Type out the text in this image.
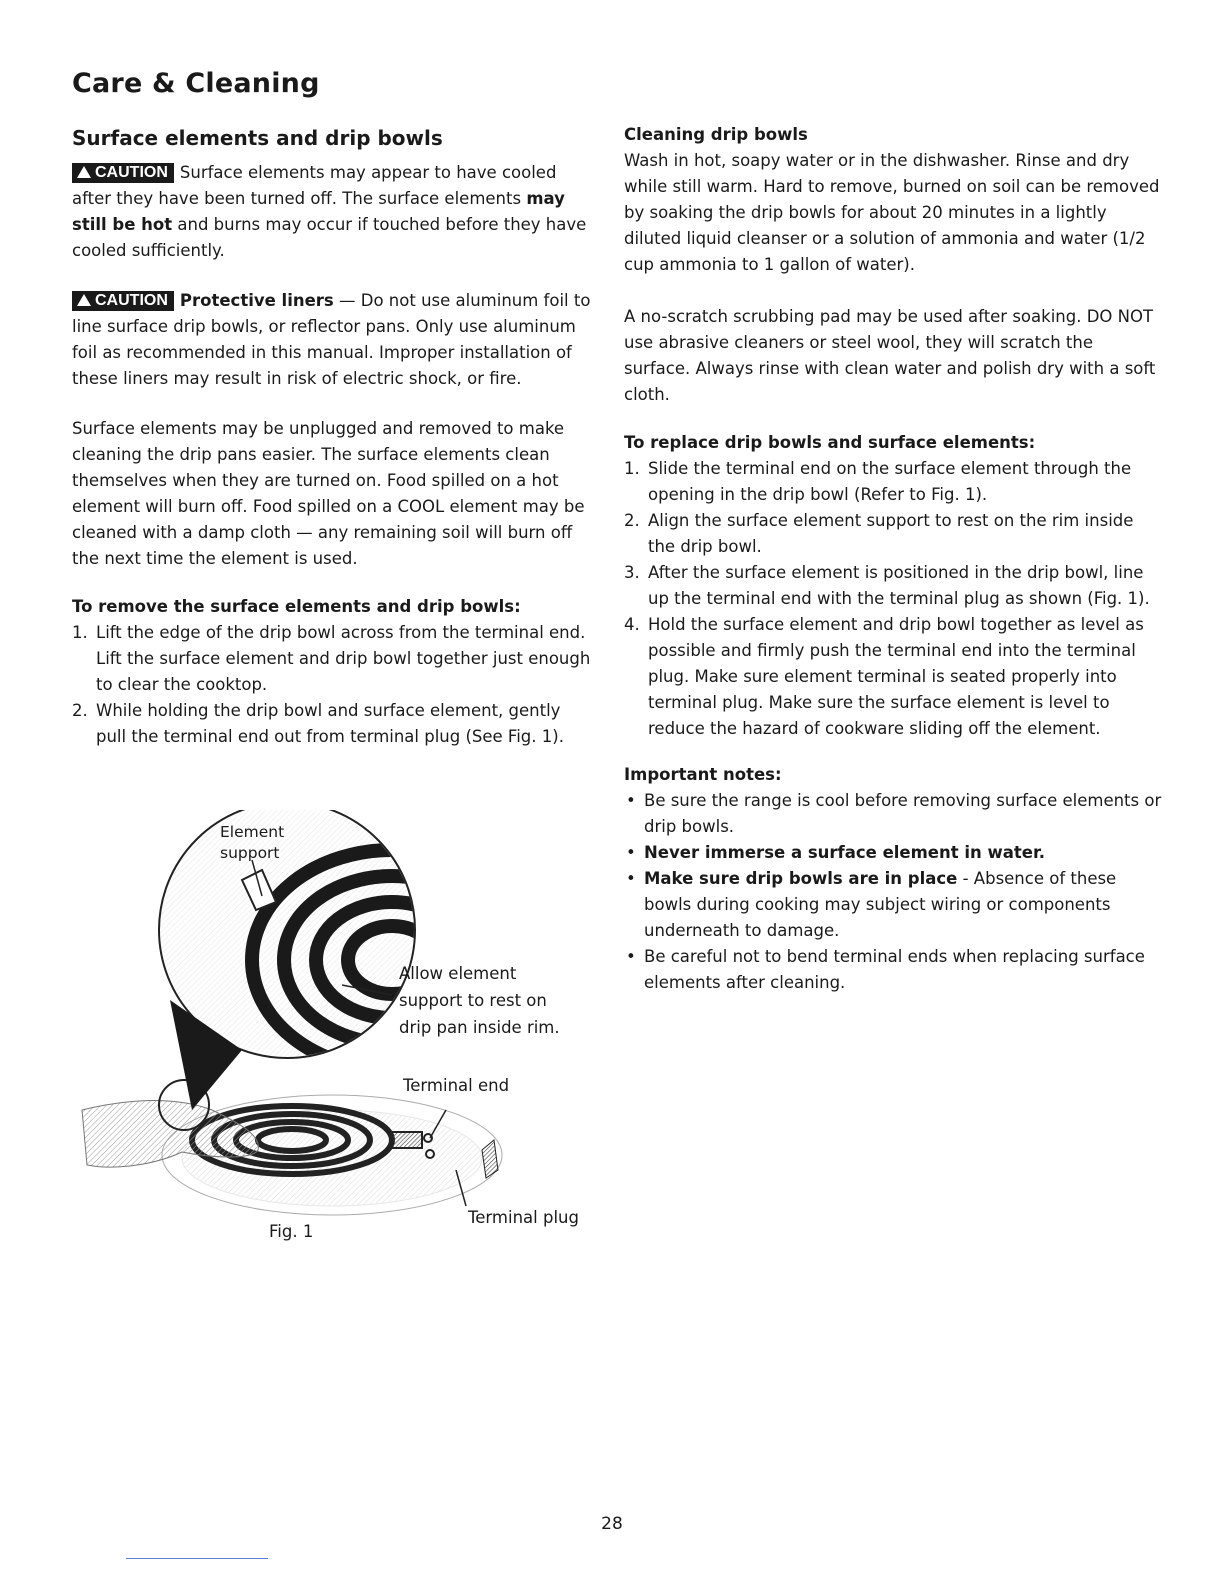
Care & Cleaning
Surface elements and drip bowls

CAUTION Surface elements may appear to have cooled after they have been turned off. The surface elements may still be hot and burns may occur if touched before they have cooled sufficiently.

CAUTION Protective liners — Do not use aluminum foil to line surface drip bowls, or reflector pans. Only use aluminum foil as recommended in this manual. Improper installation of these liners may result in risk of electric shock, or fire.

Surface elements may be unplugged and removed to make cleaning the drip pans easier. The surface elements clean themselves when they are turned on. Food spilled on a hot element will burn off. Food spilled on a COOL element may be cleaned with a damp cloth — any remaining soil will burn off the next time the element is used.

To remove the surface elements and drip bowls:
1. Lift the edge of the drip bowl across from the terminal end. Lift the surface element and drip bowl together just enough to clear the cooktop.
2. While holding the drip bowl and surface element, gently pull the terminal end out from terminal plug (See Fig. 1).
Element
support
Allow element
support to rest on
drip pan inside rim.
Terminal end
Terminal plug
Fig. 1
Cleaning drip bowls

Wash in hot, soapy water or in the dishwasher. Rinse and dry while still warm. Hard to remove, burned on soil can be removed by soaking the drip bowls for about 20 minutes in a lightly diluted liquid cleanser or a solution of ammonia and water (1/2 cup ammonia to 1 gallon of water).

A no-scratch scrubbing pad may be used after soaking. DO NOT use abrasive cleaners or steel wool, they will scratch the surface. Always rinse with clean water and polish dry with a soft cloth.

To replace drip bowls and surface elements:
1. Slide the terminal end on the surface element through the opening in the drip bowl (Refer to Fig. 1).
2. Align the surface element support to rest on the rim inside the drip bowl.
3. After the surface element is positioned in the drip bowl, line up the terminal end with the terminal plug as shown (Fig. 1).
4. Hold the surface element and drip bowl together as level as possible and firmly push the terminal end into the terminal plug. Make sure element terminal is seated properly into terminal plug. Make sure the surface element is level to reduce the hazard of cookware sliding off the element.
Important notes:
• Be sure the range is cool before removing surface elements or drip bowls.
• Never immerse a surface element in water.
• Make sure drip bowls are in place - Absence of these bowls during cooking may subject wiring or components underneath to damage.
• Be careful not to bend terminal ends when replacing surface elements after cleaning.
28
